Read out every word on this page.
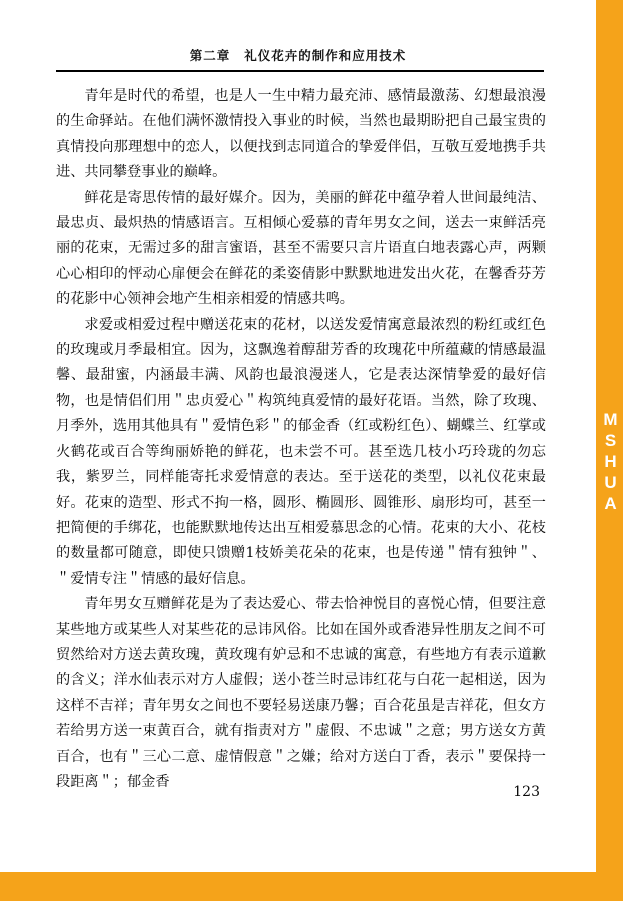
第二章 礼仪花卉的制作和应用技术

青年是时代的希望，也是人一生中精力最充沛、感情最激荡、幻想最浪漫的生命驿站。在他们满怀激情投入事业的时候，当然也最期盼把自己最宝贵的真情投向那理想中的恋人，以便找到志同道合的挚爱伴侣，互敬互爱地携手共进、共同攀登事业的巅峰。

鲜花是寄思传情的最好媒介。因为，美丽的鲜花中蕴孕着人世间最纯洁、最忠贞、最炽热的情感语言。互相倾心爱慕的青年男女之间，送去一束鲜活亮丽的花束，无需过多的甜言蜜语，甚至不需要只言片语直白地表露心声，两颗心心相印的怦动心扉便会在鲜花的柔姿倩影中默默地进发出火花，在馨香芬芳的花影中心领神会地产生相亲相爱的情感共鸣。

求爱或相爱过程中赠送花束的花材，以送发爱情寓意最浓烈的粉红或红色的玫瑰或月季最相宜。因为，这飘逸着醇甜芳香的玫瑰花中所蕴藏的情感最温馨、最甜蜜，内涵最丰满、风韵也最浪漫迷人，它是表达深情挚爱的最好信物，也是情侣们用＂忠贞爱心＂构筑纯真爱情的最好花语。当然，除了玫瑰、月季外，选用其他具有＂爱情色彩＂的郁金香（红或粉红色）、蝴蝶兰、红掌或火鹤花或百合等绚丽娇艳的鲜花，也未尝不可。甚至选几枝小巧玲珑的勿忘我，紫罗兰，同样能寄托求爱情意的表达。至于送花的类型，以礼仪花束最好。花束的造型、形式不拘一格，圆形、椭圆形、圆锥形、扇形均可，甚至一把简便的手绑花，也能默默地传达出互相爱慕思念的心情。花束的大小、花枝的数量都可随意，即使只馈赠1枝娇美花朵的花束，也是传递＂情有独钟＂、＂爱情专注＂情感的最好信息。

青年男女互赠鲜花是为了表达爱心、带去恰神悦目的喜悦心情，但要注意某些地方或某些人对某些花的忌讳风俗。比如在国外或香港异性朋友之间不可贸然给对方送去黄玫瑰，黄玫瑰有妒忌和不忠诚的寓意，有些地方有表示道歉的含义；洋水仙表示对方人虚假；送小苍兰时忌讳红花与白花一起相送，因为这样不吉祥；青年男女之间也不要轻易送康乃馨；百合花虽是吉祥花，但女方若给男方送一束黄百合，就有指责对方＂虚假、不忠诚＂之意；男方送女方黄百合，也有＂三心二意、虚情假意＂之嫌；给对方送白丁香，表示＂要保持一段距离＂；郁金香

123
MSHUA
